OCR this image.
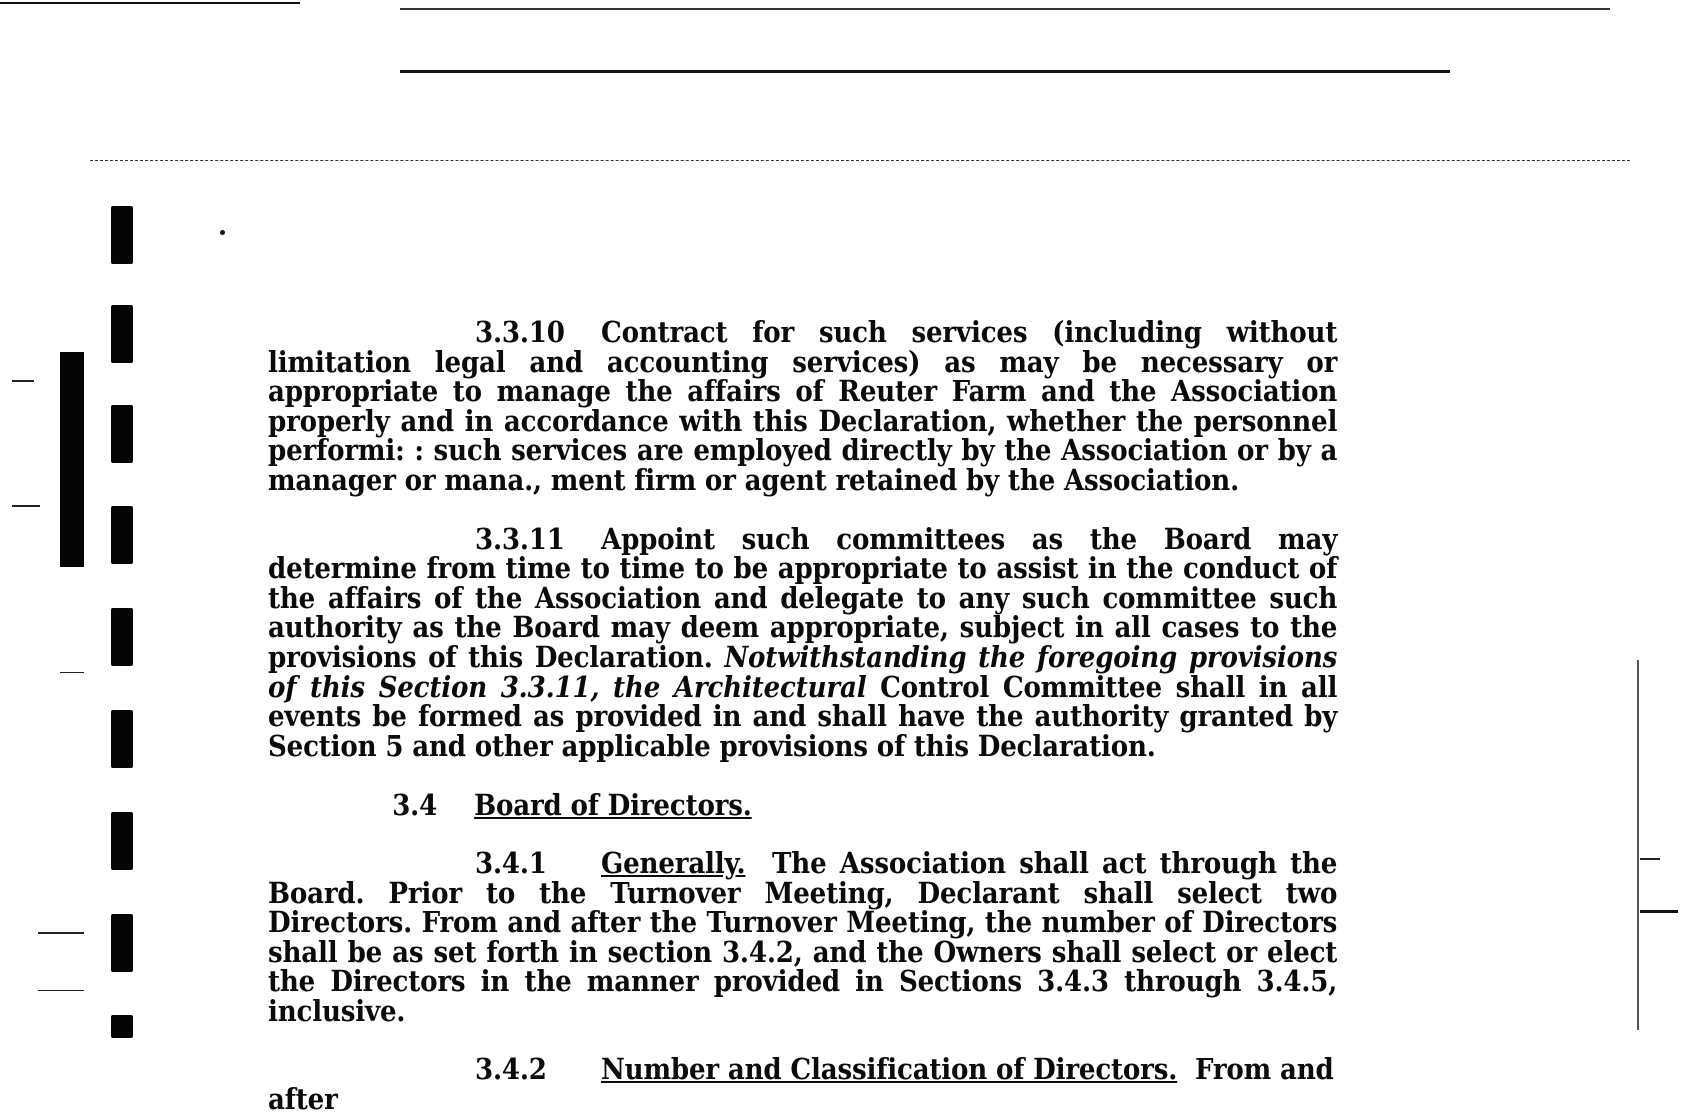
3.3.10 Contract for such services (including without limitation legal and accounting services) as may be necessary or appropriate to manage the affairs of Reuter Farm and the Association properly and in accordance with this Declaration, whether the personnel performi: : such services are employed directly by the Association or by a manager or mana., ment firm or agent retained by the Association.

3.3.11 Appoint such committees as the Board may determine from time to time to be appropriate to assist in the conduct of the affairs of the Association and delegate to any such committee such authority as the Board may deem appropriate, subject in all cases to the provisions of this Declaration. Notwithstanding the foregoing provisions of this Section 3.3.11, the Architectural Control Committee shall in all events be formed as provided in and shall have the authority granted by Section 5 and other applicable provisions of this Declaration.

3.4 Board of Directors.

3.4.1 Generally. The Association shall act through the Board. Prior to the Turnover Meeting, Declarant shall select two Directors. From and after the Turnover Meeting, the number of Directors shall be as set forth in section 3.4.2, and the Owners shall select or elect the Directors in the manner provided in Sections 3.4.3 through 3.4.5, inclusive.

3.4.2 Number and Classification of Directors. From and after
